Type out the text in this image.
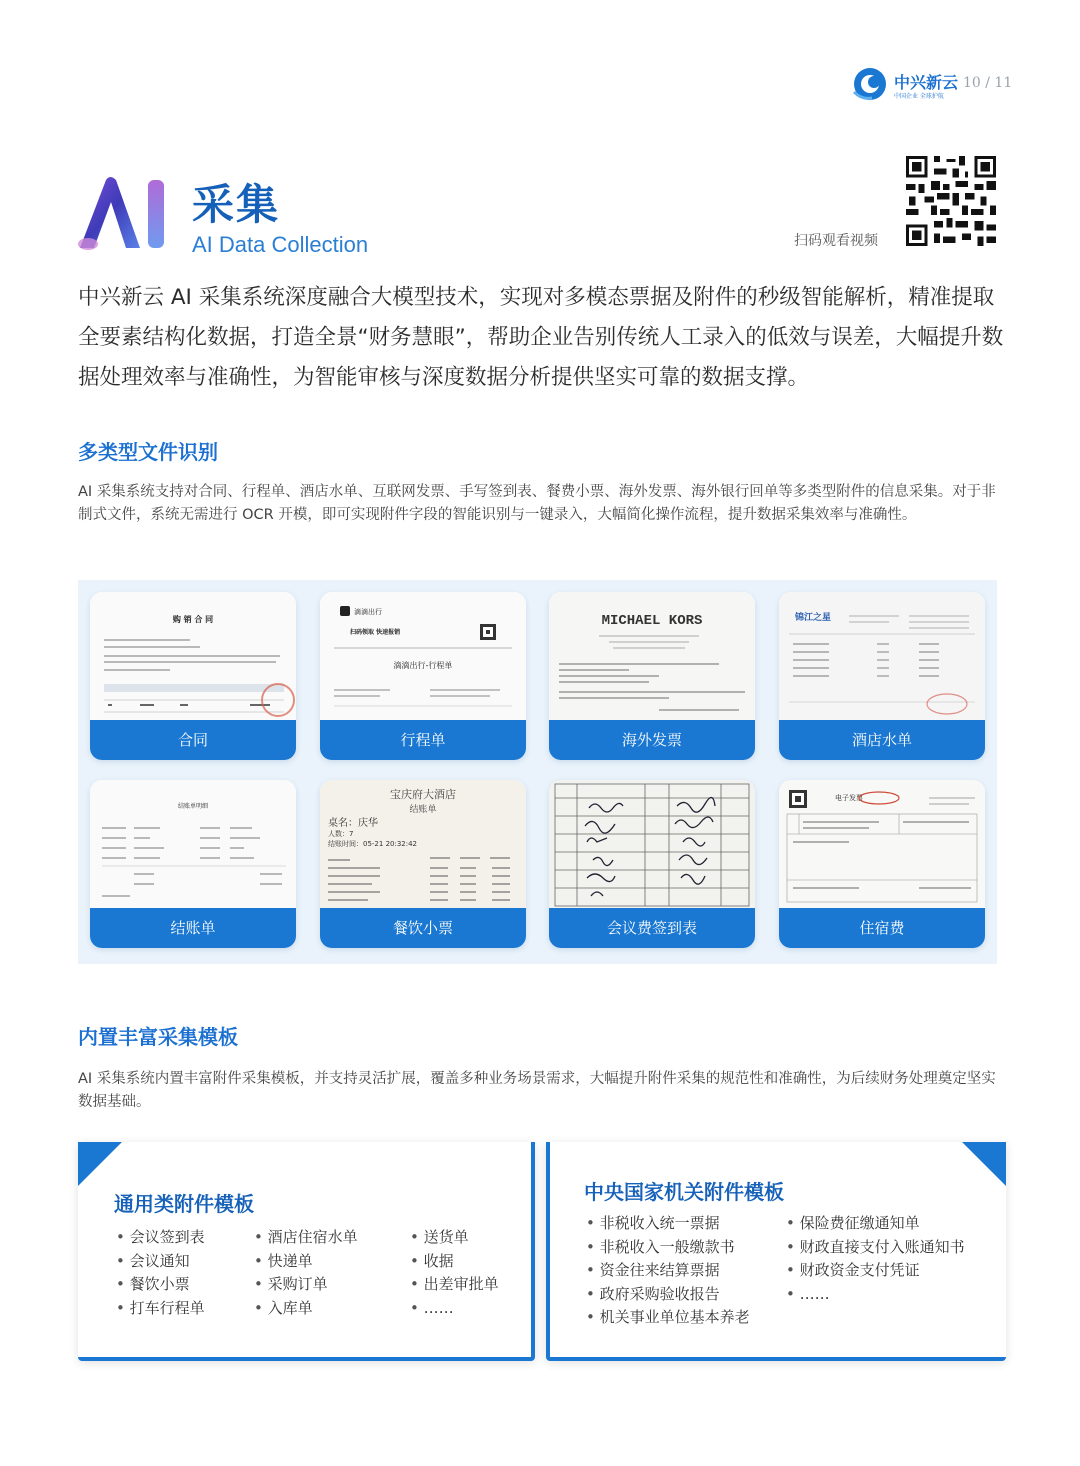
中兴新云
中国企业 全球护航
10 / 11
采集
AI Data Collection	扫码观看视频
中兴新云 AI 采集系统深度融合大模型技术，实现对多模态票据及附件的秒级智能解析，精准提取全要素结构化数据，打造全景“财务慧眼”，帮助企业告别传统人工录入的低效与误差，大幅提升数据处理效率与准确性，为智能审核与深度数据分析提供坚实可靠的数据支撑。
多类型文件识别
AI 采集系统支持对合同、行程单、酒店水单、互联网发票、手写签到表、餐费小票、海外发票、海外银行回单等多类型附件的信息采集。对于非制式文件，系统无需进行 OCR 开模，即可实现附件字段的智能识别与一键录入，大幅简化操作流程，提升数据采集效率与准确性。
购 销 合 同
合同
滴滴出行
扫码领取 快速报销
滴滴出行-行程单
行程单
MICHAEL KORS
海外发票
锦江之星
酒店水单
结账单明细
结账单
宝庆府大酒店
结账单
桌名：庆华
人数：7
结账时间：05-21 20:32:42
餐饮小票	会议费签到表
电子发票
住宿费
内置丰富采集模板
AI 采集系统内置丰富附件采集模板，并支持灵活扩展，覆盖多种业务场景需求，大幅提升附件采集的规范性和准确性，为后续财务处理奠定坚实数据基础。
通用类附件模板
• 会议签到表
• 会议通知
• 餐饮小票
• 打车行程单
• 酒店住宿水单
• 快递单
• 采购订单
• 入库单
• 送货单
• 收据
• 出差审批单
• ……
中央国家机关附件模板
• 非税收入统一票据
• 非税收入一般缴款书
• 资金往来结算票据
• 政府采购验收报告
• 机关事业单位基本养老
• 保险费征缴通知单
• 财政直接支付入账通知书
• 财政资金支付凭证
• ……
